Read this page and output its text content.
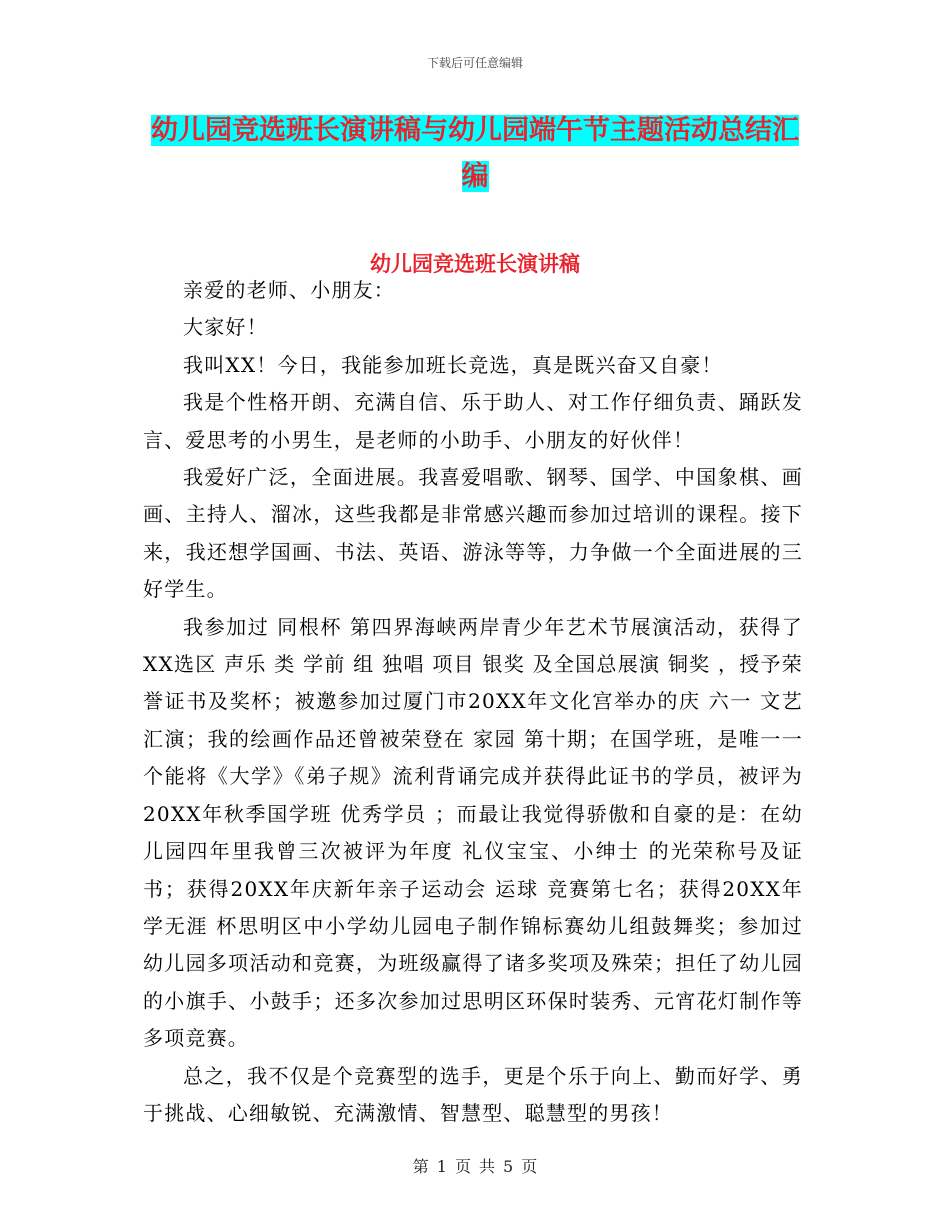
下载后可任意编辑
幼儿园竞选班长演讲稿与幼儿园端午节主题活动总结汇编
幼儿园竞选班长演讲稿

亲爱的老师、小朋友：

大家好！

我叫XX！今日，我能参加班长竞选，真是既兴奋又自豪！

我是个性格开朗、充满自信、乐于助人、对工作仔细负责、踊跃发言、爱思考的小男生，是老师的小助手、小朋友的好伙伴！

我爱好广泛，全面进展。我喜爱唱歌、钢琴、国学、中国象棋、画画、主持人、溜冰，这些我都是非常感兴趣而参加过培训的课程。接下来，我还想学国画、书法、英语、游泳等等，力争做一个全面进展的三好学生。

我参加过 同根杯 第四界海峡两岸青少年艺术节展演活动，获得了XX选区 声乐 类 学前 组 独唱 项目 银奖 及全国总展演 铜奖 ，授予荣誉证书及奖杯；被邀参加过厦门市20XX年文化宫举办的庆 六一 文艺汇演；我的绘画作品还曾被荣登在 家园 第十期；在国学班，是唯一一个能将《大学》《弟子规》流利背诵完成并获得此证书的学员，被评为20XX年秋季国学班 优秀学员 ；而最让我觉得骄傲和自豪的是：在幼儿园四年里我曾三次被评为年度 礼仪宝宝、小绅士 的光荣称号及证书；获得20XX年庆新年亲子运动会 运球 竞赛第七名；获得20XX年 学无涯 杯思明区中小学幼儿园电子制作锦标赛幼儿组鼓舞奖；参加过幼儿园多项活动和竞赛，为班级赢得了诸多奖项及殊荣；担任了幼儿园的小旗手、小鼓手；还多次参加过思明区环保时装秀、元宵花灯制作等多项竞赛。

总之，我不仅是个竞赛型的选手，更是个乐于向上、勤而好学、勇于挑战、心细敏锐、充满激情、智慧型、聪慧型的男孩！

第 1 页 共 5 页
